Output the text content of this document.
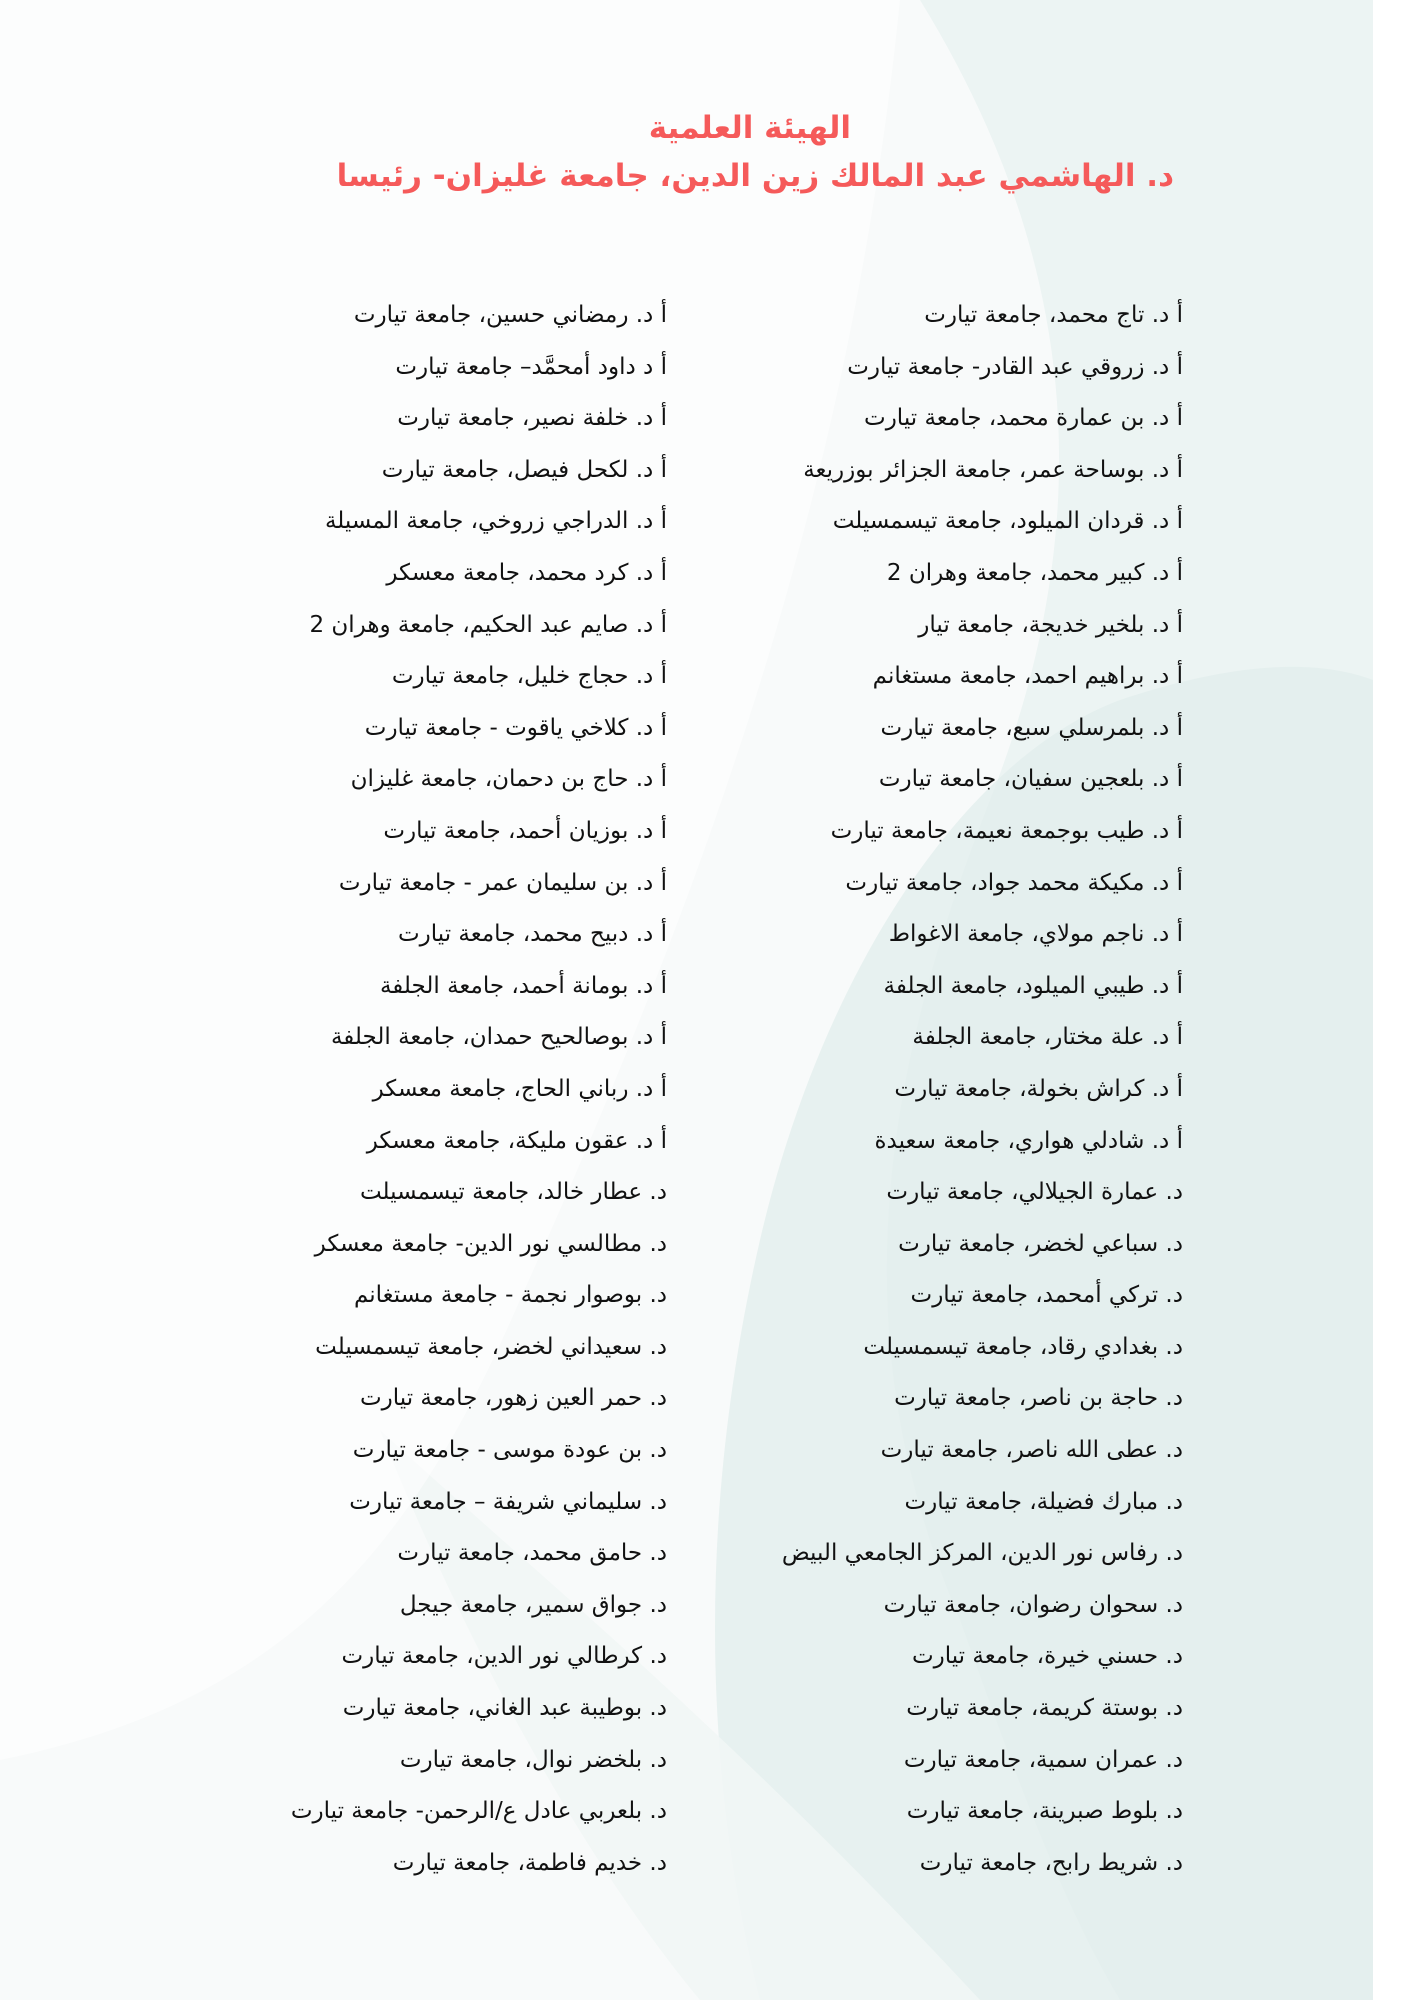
الهيئة العلمية
د. الهاشمي عبد المالك زين الدين، جامعة غليزان- رئيسا
أ د. تاج محمد، جامعة تيارت
أ د. زروقي عبد القادر- جامعة تيارت
أ د. بن عمارة محمد، جامعة تيارت
أ د. بوساحة عمر، جامعة الجزائر بوزريعة
أ د. قردان الميلود، جامعة تيسمسيلت
أ د. كبير محمد، جامعة وهران 2
أ د. بلخير خديجة، جامعة تيار
أ د. براهيم احمد، جامعة مستغانم
أ د. بلمرسلي سبع، جامعة تيارت
أ د. بلعجين سفيان، جامعة تيارت
أ د. طيب بوجمعة نعيمة، جامعة تيارت
أ د. مكيكة محمد جواد، جامعة تيارت
أ د. ناجم مولاي، جامعة الاغواط
أ د. طيبي الميلود، جامعة الجلفة
أ د. علة مختار، جامعة الجلفة
أ د. كراش بخولة، جامعة تيارت
أ د. شادلي هواري، جامعة سعيدة
د. عمارة الجيلالي، جامعة تيارت
د. سباعي لخضر، جامعة تيارت
د. تركي أمحمد، جامعة تيارت
د. بغدادي رقاد، جامعة تيسمسيلت
د. حاجة بن ناصر، جامعة تيارت
د. عطى الله ناصر، جامعة تيارت
د. مبارك فضيلة، جامعة تيارت
د. رفاس نور الدين، المركز الجامعي البيض
د. سحوان رضوان، جامعة تيارت
د. حسني خيرة، جامعة تيارت
د. بوستة كريمة، جامعة تيارت
د. عمران سمية، جامعة تيارت
د. بلوط صبرينة، جامعة تيارت
د. شريط رابح، جامعة تيارت
أ د. رمضاني حسين، جامعة تيارت
أ د داود أمحمَّد– جامعة تيارت
أ د. خلفة نصير، جامعة تيارت
أ د. لكحل فيصل، جامعة تيارت
أ د. الدراجي زروخي، جامعة المسيلة
أ د. كرد محمد، جامعة معسكر
أ د. صايم عبد الحكيم، جامعة وهران 2
أ د. حجاج خليل، جامعة تيارت
أ د. كلاخي ياقوت - جامعة تيارت
أ د. حاج بن دحمان، جامعة غليزان
أ د. بوزيان أحمد، جامعة تيارت
أ د. بن سليمان عمر - جامعة تيارت
أ د. دبيح محمد، جامعة تيارت
أ د. بومانة أحمد، جامعة الجلفة
أ د. بوصالحيح حمدان، جامعة الجلفة
أ د. رباني الحاج، جامعة معسكر
أ د. عقون مليكة، جامعة معسكر
د. عطار خالد، جامعة تيسمسيلت
د. مطالسي نور الدين- جامعة معسكر
د. بوصوار نجمة - جامعة مستغانم
د. سعيداني لخضر، جامعة تيسمسيلت
د. حمر العين زهور، جامعة تيارت
د. بن عودة موسى - جامعة تيارت
د. سليماني شريفة – جامعة تيارت
د. حامق محمد، جامعة تيارت
د. جواق سمير، جامعة جيجل
د. كرطالي نور الدين، جامعة تيارت
د. بوطيبة عبد الغاني، جامعة تيارت
د. بلخضر نوال، جامعة تيارت
د. بلعربي عادل ع/الرحمن- جامعة تيارت
د. خديم فاطمة، جامعة تيارت
